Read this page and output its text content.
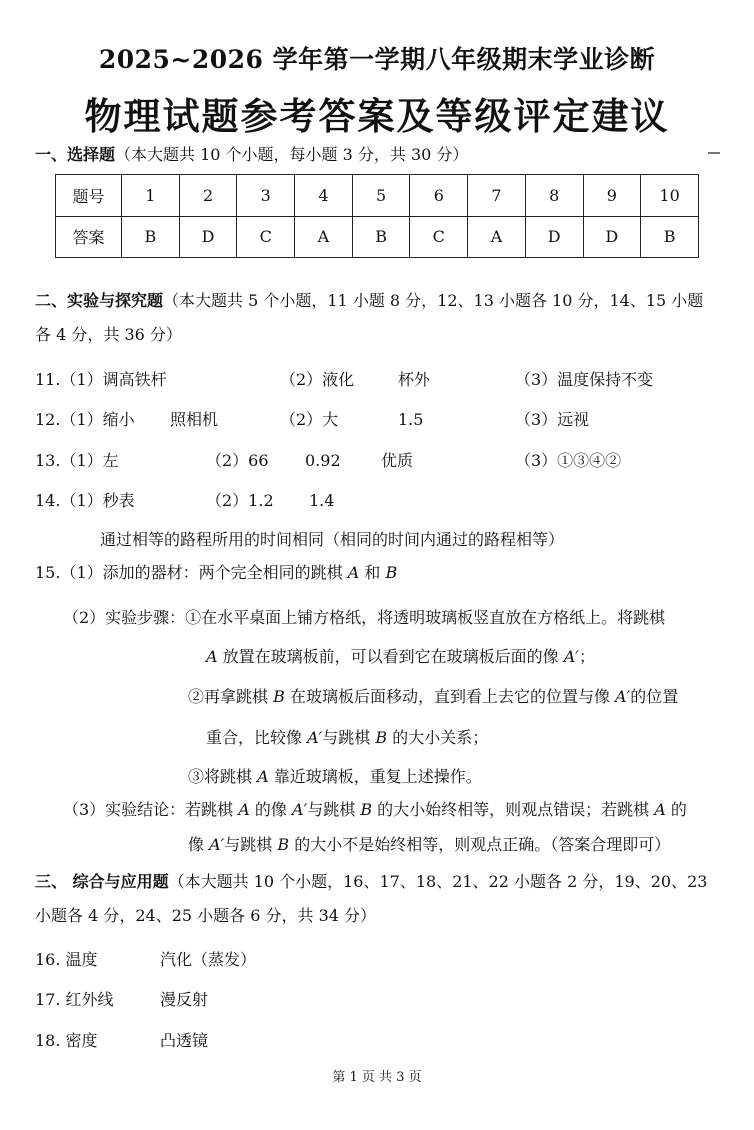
2025~2026 学年第一学期八年级期末学业诊断
物理试题参考答案及等级评定建议
一、选择题（本大题共 10 个小题，每小题 3 分，共 30 分）
题号	1	2	3	4	5	6	7	8	9	10
答案	B	D	C	A	B	C	A	D	D	B
二、实验与探究题（本大题共 5 个小题，11 小题 8 分，12、13 小题各 10 分，14、15 小题
各 4 分，共 36 分）
11.（1）调高铁杆	（2）液化	杯外	（3）温度保持不变
12.（1）缩小 照相机	（2）大	1.5	（3）远视
13.（1）左	（2）66 0.92	优质	（3）①③④②
14.（1）秒表	（2）1.2 1.4
通过相等的路程所用的时间相同（相同的时间内通过的路程相等）
15.（1）添加的器材：两个完全相同的跳棋 A 和 B
（2）实验步骤：①在水平桌面上铺方格纸，将透明玻璃板竖直放在方格纸上。将跳棋
A 放置在玻璃板前，可以看到它在玻璃板后面的像 A′；
②再拿跳棋 B 在玻璃板后面移动，直到看上去它的位置与像 A′的位置
重合，比较像 A′与跳棋 B 的大小关系；
③将跳棋 A 靠近玻璃板，重复上述操作。
（3）实验结论：若跳棋 A 的像 A′与跳棋 B 的大小始终相等，则观点错误；若跳棋 A 的
像 A′与跳棋 B 的大小不是始终相等，则观点正确。（答案合理即可）
三、 综合与应用题（本大题共 10 个小题，16、17、18、21、22 小题各 2 分，19、20、23
小题各 4 分，24、25 小题各 6 分，共 34 分）
16. 温度	汽化（蒸发）
17. 红外线	漫反射
18. 密度	凸透镜
第 1 页 共 3 页
